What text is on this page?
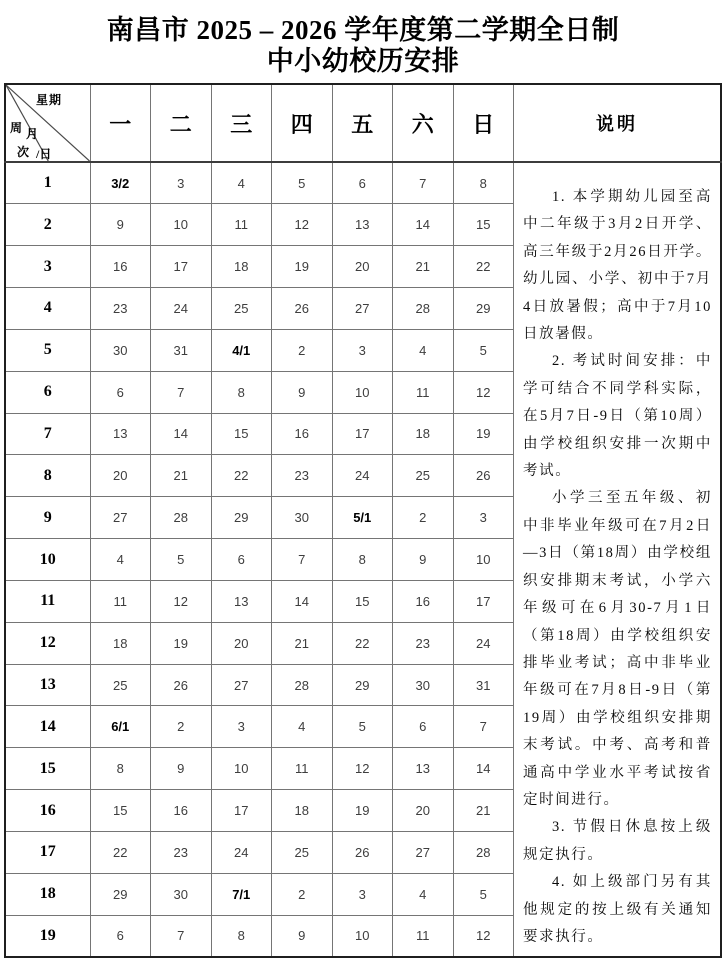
南昌市 2025 – 2026 学年度第二学期全日制
中小幼校历安排
星期
周
次
月
/日	一	二	三	四	五	六	日	说明
1	3/2	3	4	5	6	7	8	1. 本学期幼儿园至高中二年级于3月2日开学、高三年级于2月26日开学。幼儿园、小学、初中于7月4日放暑假；高中于7月10日放暑假。

2. 考试时间安排：中学可结合不同学科实际，在5月7日-9日（第10周）由学校组织安排一次期中考试。

小学三至五年级、初中非毕业年级可在7月2日—3日（第18周）由学校组织安排期末考试，小学六年级可在6月30-7月1日（第18周）由学校组织安排毕业考试；高中非毕业年级可在7月8日-9日（第19周）由学校组织安排期末考试。中考、高考和普通高中学业水平考试按省定时间进行。

3. 节假日休息按上级规定执行。

4. 如上级部门另有其他规定的按上级有关通知要求执行。

2	9	10	11	12	13	14	15	
3	16	17	18	19	20	21	22	
4	23	24	25	26	27	28	29	
5	30	31	4/1	2	3	4	5	
6	6	7	8	9	10	11	12	
7	13	14	15	16	17	18	19	
8	20	21	22	23	24	25	26	
9	27	28	29	30	5/1	2	3	
10	4	5	6	7	8	9	10	
11	11	12	13	14	15	16	17	
12	18	19	20	21	22	23	24	
13	25	26	27	28	29	30	31	
14	6/1	2	3	4	5	6	7	
15	8	9	10	11	12	13	14	
16	15	16	17	18	19	20	21	
17	22	23	24	25	26	27	28	
18	29	30	7/1	2	3	4	5	
19	6	7	8	9	10	11	12	
